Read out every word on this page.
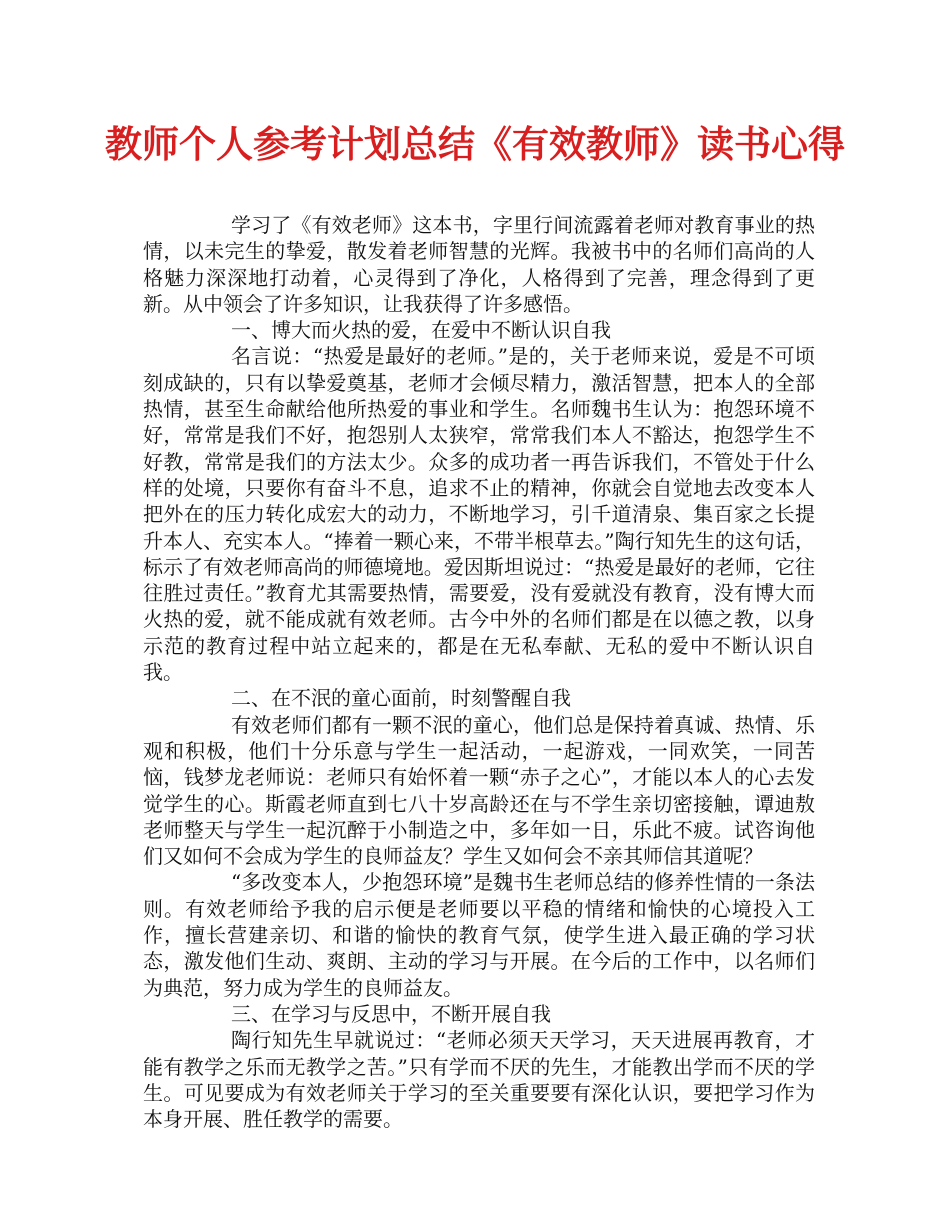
教师个人参考计划总结《有效教师》读书心得

学习了《有效老师》这本书，字里行间流露着老师对教育事业的热情，以未完生的挚爱，散发着老师智慧的光辉。我被书中的名师们高尚的人格魅力深深地打动着，心灵得到了净化，人格得到了完善，理念得到了更新。从中领会了许多知识，让我获得了许多感悟。

一、博大而火热的爱，在爱中不断认识自我

名言说：“热爱是最好的老师。”是的，关于老师来说，爱是不可顷刻成缺的，只有以挚爱奠基，老师才会倾尽精力，激活智慧，把本人的全部热情，甚至生命献给他所热爱的事业和学生。名师魏书生认为：抱怨环境不好，常常是我们不好，抱怨别人太狭窄，常常我们本人不豁达，抱怨学生不好教，常常是我们的方法太少。众多的成功者一再告诉我们，不管处于什么样的处境，只要你有奋斗不息，追求不止的精神，你就会自觉地去改变本人把外在的压力转化成宏大的动力，不断地学习，引千道清泉、集百家之长提升本人、充实本人。“捧着一颗心来，不带半根草去。”陶行知先生的这句话，标示了有效老师高尚的师德境地。爱因斯坦说过：“热爱是最好的老师，它往往胜过责任。”教育尤其需要热情，需要爱，没有爱就没有教育，没有博大而火热的爱，就不能成就有效老师。古今中外的名师们都是在以德之教，以身示范的教育过程中站立起来的，都是在无私奉献、无私的爱中不断认识自我。

二、在不泯的童心面前，时刻警醒自我

有效老师们都有一颗不泯的童心，他们总是保持着真诚、热情、乐观和积极，他们十分乐意与学生一起活动，一起游戏，一同欢笑，一同苦恼，钱梦龙老师说：老师只有始怀着一颗“赤子之心”，才能以本人的心去发觉学生的心。斯霞老师直到七八十岁高龄还在与不学生亲切密接触，谭迪敖老师整天与学生一起沉醉于小制造之中，多年如一日，乐此不疲。试咨询他们又如何不会成为学生的良师益友？学生又如何会不亲其师信其道呢？

“多改变本人，少抱怨环境”是魏书生老师总结的修养性情的一条法则。有效老师给予我的启示便是老师要以平稳的情绪和愉快的心境投入工作，擅长营建亲切、和谐的愉快的教育气氛，使学生进入最正确的学习状态，激发他们生动、爽朗、主动的学习与开展。在今后的工作中，以名师们为典范，努力成为学生的良师益友。

三、在学习与反思中，不断开展自我

陶行知先生早就说过：“老师必须天天学习，天天进展再教育，才能有教学之乐而无教学之苦。”只有学而不厌的先生，才能教出学而不厌的学生。可见要成为有效老师关于学习的至关重要要有深化认识，要把学习作为本身开展、胜任教学的需要。
